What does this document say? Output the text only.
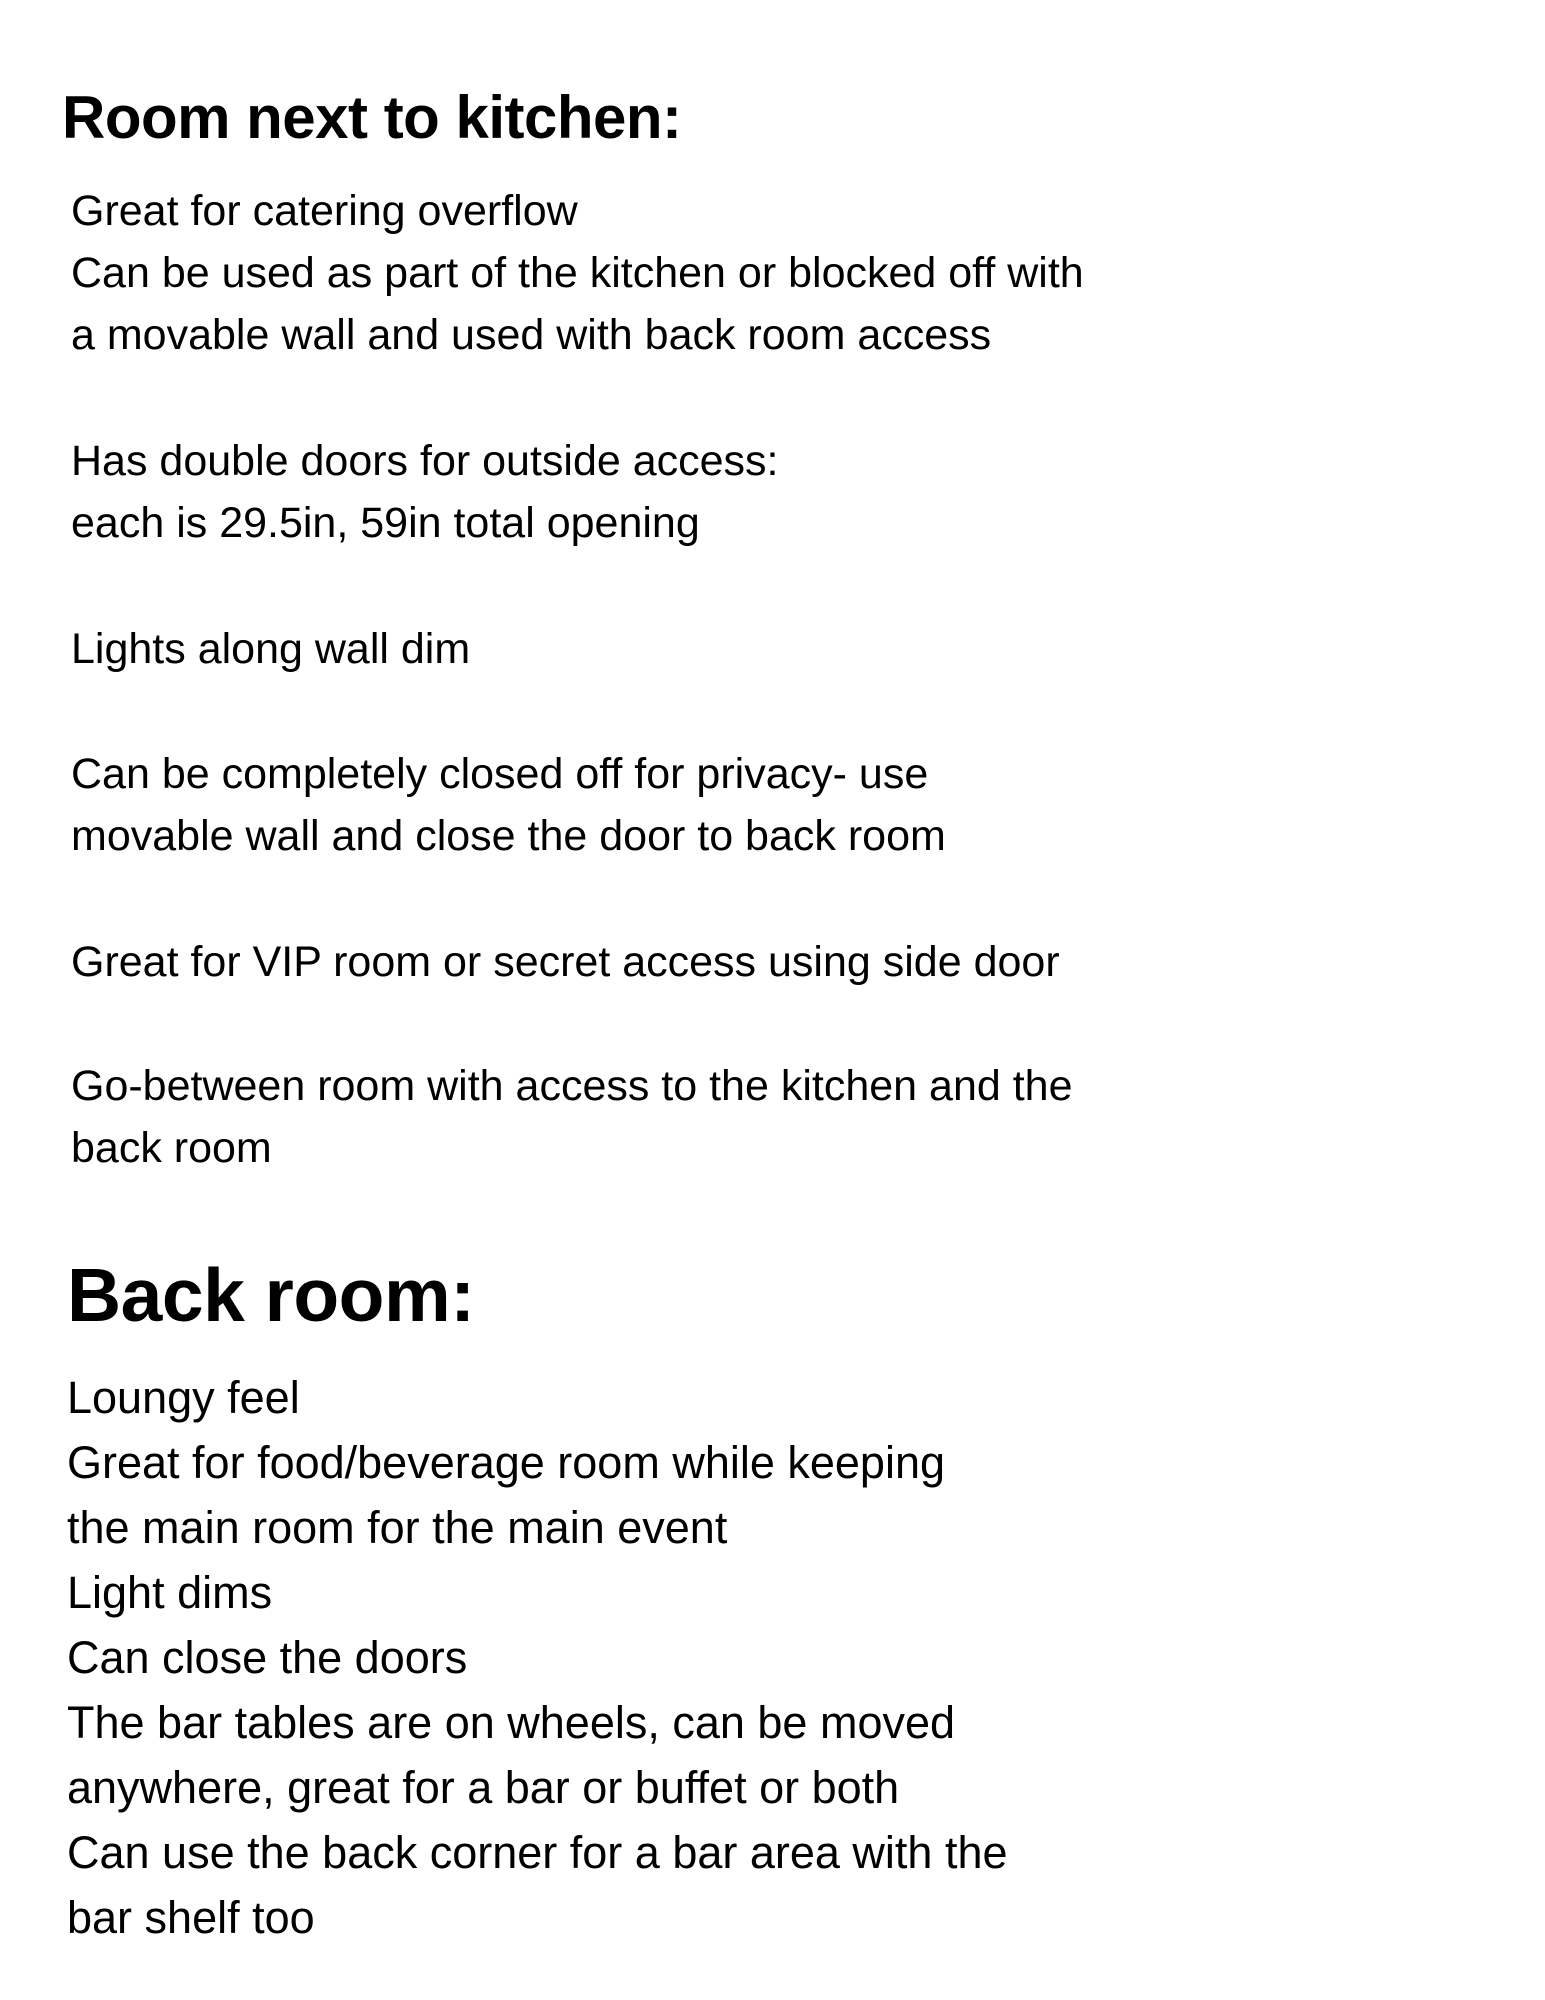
Room next to kitchen:
Great for catering overflow
Can be used as part of the kitchen or blocked off with
a movable wall and used with back room access
Has double doors for outside access:
each is 29.5in, 59in total opening
Lights along wall dim
Can be completely closed off for privacy- use
movable wall and close the door to back room
Great for VIP room or secret access using side door
Go-between room with access to the kitchen and the
back room
Back room:
Loungy feel
Great for food/beverage room while keeping
the main room for the main event
Light dims
Can close the doors
The bar tables are on wheels, can be moved
anywhere, great for a bar or buffet or both
Can use the back corner for a bar area with the
bar shelf too
